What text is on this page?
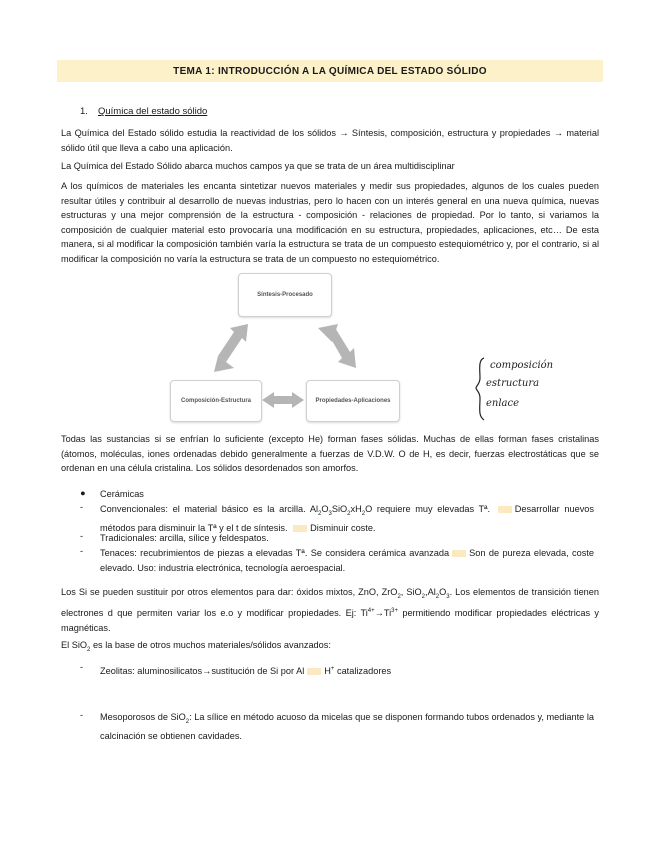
TEMA 1: INTRODUCCIÓN A LA QUÍMICA DEL ESTADO SÓLIDO
1. Química del estado sólido
La Química del Estado sólido estudia la reactividad de los sólidos → Síntesis, composición, estructura y propiedades → material sólido útil que lleva a cabo una aplicación.
La Química del Estado Sólido abarca muchos campos ya que se trata de un área multidisciplinar
A los químicos de materiales les encanta sintetizar nuevos materiales y medir sus propiedades, algunos de los cuales pueden resultar útiles y contribuir al desarrollo de nuevas industrias, pero lo hacen con un interés general en una nueva química, nuevas estructuras y una mejor comprensión de la estructura - composición - relaciones de propiedad. Por lo tanto, si variamos la composición de cualquier material esto provocaría una modificación en su estructura, propiedades, aplicaciones, etc… De esta manera, si al modificar la composición también varía la estructura se trata de un compuesto estequiométrico y, por el contrario, si al modificar la composición no varía la estructura se trata de un compuesto no estequiométrico.
Síntesis-Procesado
Composición-Estructura	Propiedades-Aplicaciones
composición
estructura
enlace
Todas las sustancias si se enfrían lo suficiente (excepto He) forman fases sólidas. Muchas de ellas forman fases cristalinas (átomos, moléculas, iones ordenadas debido generalmente a fuerzas de V.D.W. O de H, es decir, fuerzas electrostáticas que se ordenan en una célula cristalina. Los sólidos desordenados son amorfos.
● Cerámicas
- Convencionales: el material básico es la arcilla. $Al_2O_3SiO_2xH_2O$ requiere muy elevadas Tª.	Desarrollar nuevos métodos para disminuir la Tª y el t de síntesis. Disminuir coste.
- Tradicionales: arcilla, sílice y feldespatos.
- Tenaces: recubrimientos de piezas a elevadas Tª. Se considera cerámica avanzada Son de pureza elevada, coste elevado. Uso: industria electrónica, tecnología aeroespacial.
Los Si se pueden sustituir por otros elementos para dar: óxidos mixtos, ZnO, ZrO$_2$, $SiO_2,Al_2O_3$. Los elementos de transición tienen electrones d que permiten variar los e.o y modificar propiedades. Ej: $Ti^{4+}\to Ti^{3+}$ permitiendo modificar propiedades eléctricas y magnéticas.
El SiO$_2$ es la base de otros muchos materiales/sólidos avanzados:
- Zeolitas: aluminosilicatos→sustitución de Si por Al H+ catalizadores
- Mesoporosos de SiO$_2$: La sílice en método acuoso da micelas que se disponen formando tubos ordenados y, mediante la calcinación se obtienen cavidades.
